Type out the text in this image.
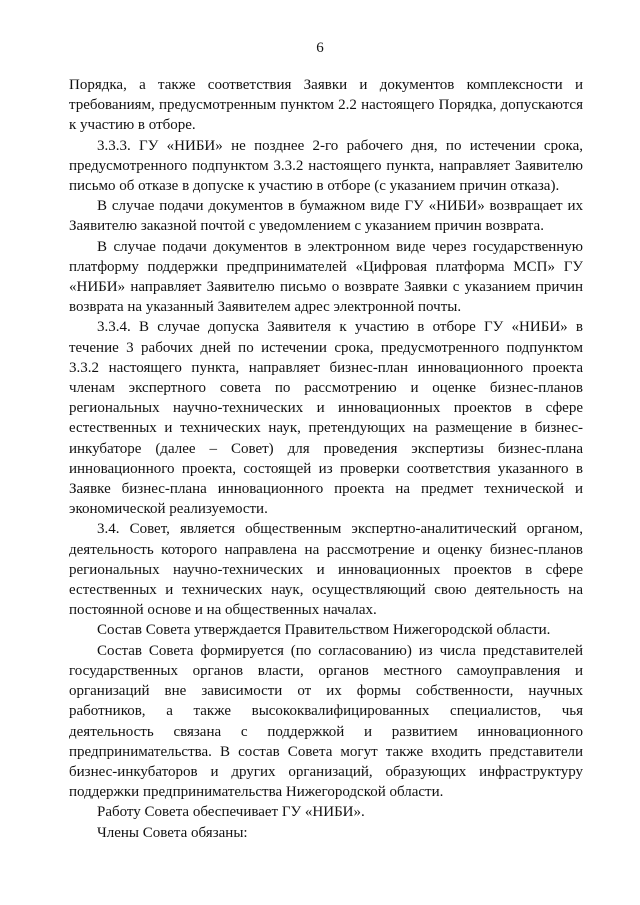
6

Порядка, а также соответствия Заявки и документов комплексности и требованиям, предусмотренным пунктом 2.2 настоящего Порядка, допускаются к участию в отборе.

3.3.3. ГУ «НИБИ» не позднее 2-го рабочего дня, по истечении срока, предусмотренного подпунктом 3.3.2 настоящего пункта, направляет Заявителю письмо об отказе в допуске к участию в отборе (с указанием причин отказа).

В случае подачи документов в бумажном виде ГУ «НИБИ» возвращает их Заявителю заказной почтой с уведомлением с указанием причин возврата.

В случае подачи документов в электронном виде через государственную платформу поддержки предпринимателей «Цифровая платформа МСП» ГУ «НИБИ» направляет Заявителю письмо о возврате Заявки с указанием причин возврата на указанный Заявителем адрес электронной почты.

3.3.4. В случае допуска Заявителя к участию в отборе ГУ «НИБИ» в течение 3 рабочих дней по истечении срока, предусмотренного подпунктом 3.3.2 настоящего пункта, направляет бизнес-план инновационного проекта членам экспертного совета по рассмотрению и оценке бизнес-планов региональных научно-технических и инновационных проектов в сфере естественных и технических наук, претендующих на размещение в бизнес-инкубаторе (далее – Совет) для проведения экспертизы бизнес-плана инновационного проекта, состоящей из проверки соответствия указанного в Заявке бизнес-плана инновационного проекта на предмет технической и экономической реализуемости.

3.4. Совет, является общественным экспертно-аналитический органом, деятельность которого направлена на рассмотрение и оценку бизнес-планов региональных научно-технических и инновационных проектов в сфере естественных и технических наук, осуществляющий свою деятельность на постоянной основе и на общественных началах.

Состав Совета утверждается Правительством Нижегородской области.

Состав Совета формируется (по согласованию) из числа представителей государственных органов власти, органов местного самоуправления и организаций вне зависимости от их формы собственности, научных работников, а также высококвалифицированных специалистов, чья деятельность связана с поддержкой и развитием инновационного предпринимательства. В состав Совета могут также входить представители бизнес-инкубаторов и других организаций, образующих инфраструктуру поддержки предпринимательства Нижегородской области.

Работу Совета обеспечивает ГУ «НИБИ».

Члены Совета обязаны:
